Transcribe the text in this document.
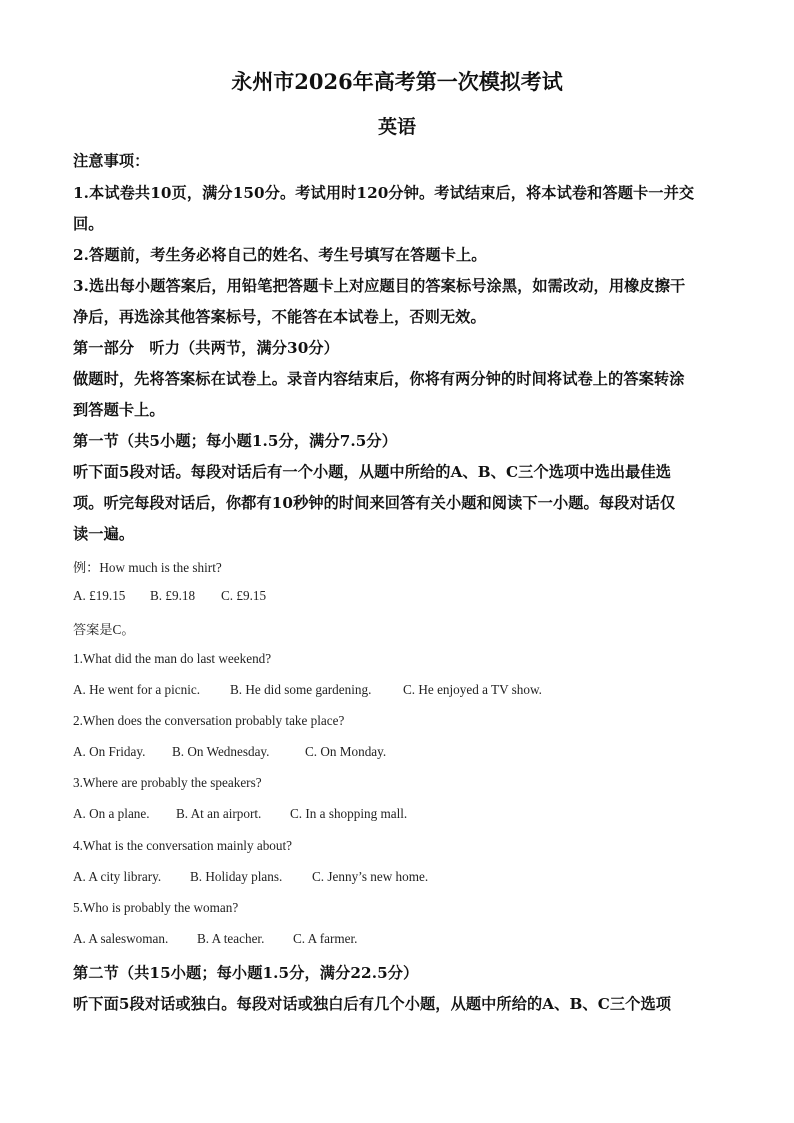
永州市2026年高考第一次模拟考试
英语
注意事项：
1.本试卷共10页，满分150分。考试用时120分钟。考试结束后，将本试卷和答题卡一并交
回。
2.答题前，考生务必将自己的姓名、考生号填写在答题卡上。
3.选出每小题答案后，用铅笔把答题卡上对应题目的答案标号涂黑，如需改动，用橡皮擦干
净后，再选涂其他答案标号，不能答在本试卷上，否则无效。
第一部分　听力（共两节，满分30分）
做题时，先将答案标在试卷上。录音内容结束后，你将有两分钟的时间将试卷上的答案转涂
到答题卡上。
第一节（共5小题；每小题1.5分，满分7.5分）
听下面5段对话。每段对话后有一个小题，从题中所给的A、B、C三个选项中选出最佳选
项。听完每段对话后，你都有10秒钟的时间来回答有关小题和阅读下一小题。每段对话仅
读一遍。
例：How much is the shirt?
A. £19.15 B. £9.18 C. £9.15
答案是C。
1.What did the man do last weekend?
A. He went for a picnic. B. He did some gardening. C. He enjoyed a TV show.
2.When does the conversation probably take place?
A. On Friday. B. On Wednesday.	C. On Monday.
3.Where are probably the speakers?
A. On a plane. B. At an airport. C. In a shopping mall.
4.What is the conversation mainly about?
A. A city library. B. Holiday plans. C. Jenny’s new home.
5.Who is probably the woman?
A. A saleswoman. B. A teacher. C. A farmer.
第二节（共15小题；每小题1.5分，满分22.5分）
听下面5段对话或独白。每段对话或独白后有几个小题，从题中所给的A、B、C三个选项
